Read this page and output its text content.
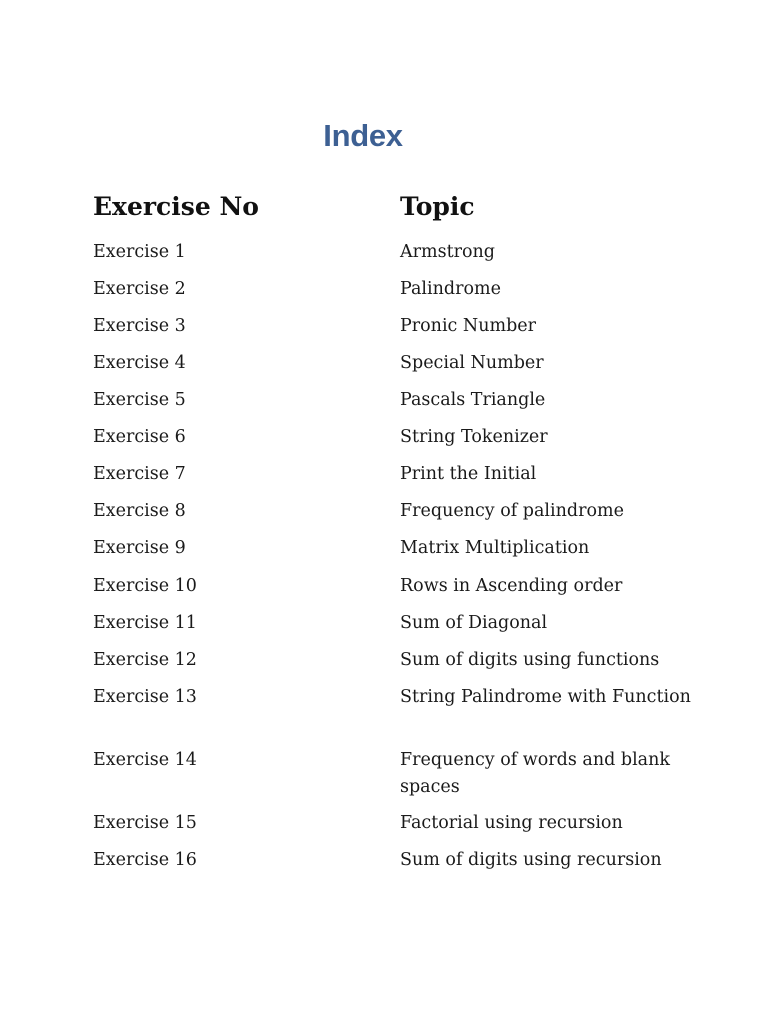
Index
Exercise No	Topic
Exercise 1	Armstrong
Exercise 2	Palindrome
Exercise 3	Pronic Number
Exercise 4	Special Number
Exercise 5	Pascals Triangle
Exercise 6	String Tokenizer
Exercise 7	Print the Initial
Exercise 8	Frequency of palindrome
Exercise 9	Matrix Multiplication
Exercise 10	Rows in Ascending order
Exercise 11	Sum of Diagonal
Exercise 12	Sum of digits using functions
Exercise 13	String Palindrome with Function
Exercise 14	Frequency of words and blank spaces
Exercise 15	Factorial using recursion
Exercise 16	Sum of digits using recursion
